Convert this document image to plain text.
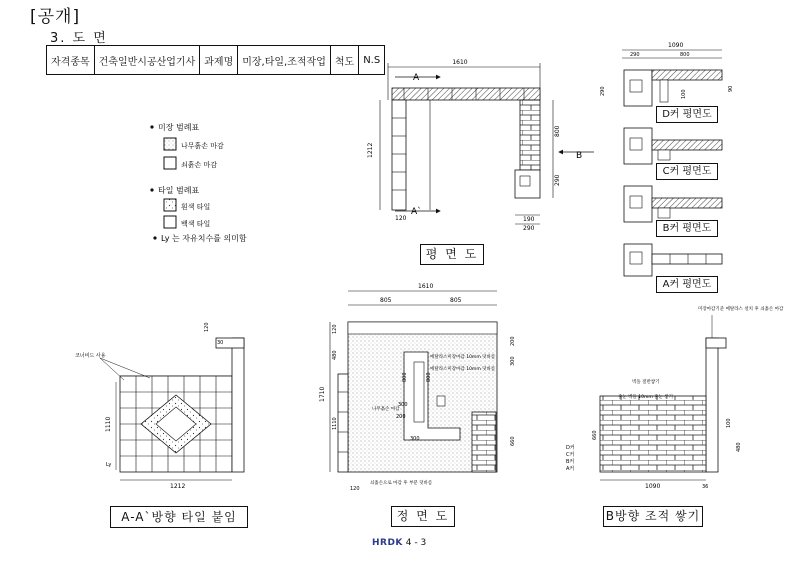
[공개]
3. 도 면
자격종목	건축일반시공산업기사	과제명	미장,타일,조적작업	척도	N.S
미장 범례표
나무흙손 마감
쇠흙손 마감
타일 범례표
흰색 타일
백색 타일
Ly 는 자유치수를 의미함
1610
A
A`
1212
800
290
B
120	190
290
1090
290	800
290	100
90
1110
1212
120
30
코너비드 사용
Ly
1610
805	805
1710
120
480
1110
120
200
300
660
300
800
300
800
200
메탈라스미장마감 10mm 덧바름
메탈라스미장마감 10mm 덧바름
나무흙손 마감
쇠흙손으로 마감 후 부분 덧바름	1090	36
660
100
480
미장마감기준 메탈라스 설치 후 쇠흙손 마감
벽돌 절반쌓기
줄눈 벽돌 10mm 줄눈 쌓기
D커
C커
B커
A커
평 면 도
D커 평면도
C커 평면도
B커 평면도
A커 평면도
A-A`방향 타일 붙임	정 면 도	B방향 조적 쌓기
HRDK 4 - 3
